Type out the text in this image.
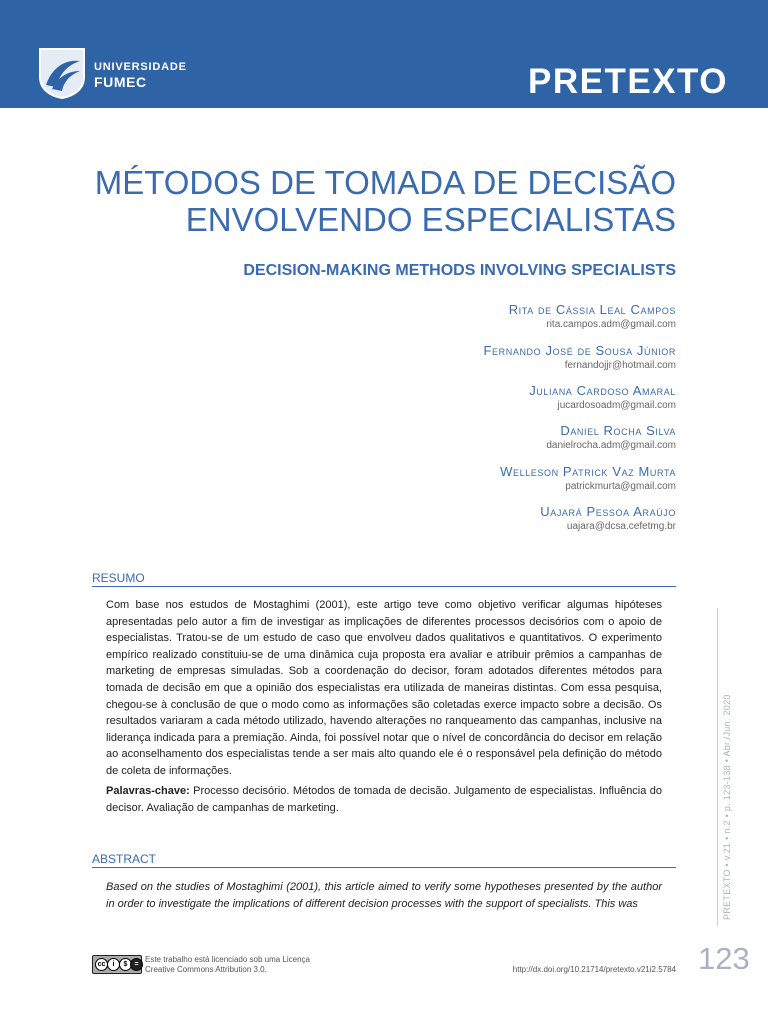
UNIVERSIDADE
FUMEC	PRETEXTO
MÉTODOS DE TOMADA DE DECISÃO ENVOLVENDO ESPECIALISTAS
DECISION-MAKING METHODS INVOLVING SPECIALISTS
Rita de Cássia Leal Campos
rita.campos.adm@gmail.com
Fernando José de Sousa Júnior
fernandojjr@hotmail.com
Juliana Cardoso Amaral
jucardosoadm@gmail.com
Daniel Rocha Silva
danielrocha.adm@gmail.com
Welleson Patrick Vaz Murta
patrickmurta@gmail.com
Uajará Pessoa Araújo
uajara@dcsa.cefetmg.br
RESUMO
Com base nos estudos de Mostaghimi (2001), este artigo teve como objetivo verificar algumas hipóteses apresentadas pelo autor a fim de investigar as implicações de diferentes processos decisórios com o apoio de especialistas. Tratou-se de um estudo de caso que envolveu dados qualitativos e quantitativos. O experimento empírico realizado constituiu-se de uma dinâmica cuja proposta era avaliar e atribuir prêmios a campanhas de marketing de empresas simuladas. Sob a coordenação do decisor, foram adotados diferentes métodos para tomada de decisão em que a opinião dos especialistas era utilizada de maneiras distintas. Com essa pesquisa, chegou-se à conclusão de que o modo como as informações são coletadas exerce impacto sobre a decisão. Os resultados variaram a cada método utilizado, havendo alterações no ranqueamento das campanhas, inclusive na liderança indicada para a premiação. Ainda, foi possível notar que o nível de concordância do decisor em relação ao aconselhamento dos especialistas tende a ser mais alto quando ele é o responsável pela definição do método de coleta de informações.
Palavras-chave: Processo decisório. Métodos de tomada de decisão. Julgamento de especialistas. Influência do decisor. Avaliação de campanhas de marketing.
ABSTRACT
Based on the studies of Mostaghimi (2001), this article aimed to verify some hypotheses presented by the author in order to investigate the implications of different decision processes with the support of specialists. This was	PRETEXTO • v.21 • n.2 • p. 123-138 • Abr./Jun. 2020
cc	i	$	=
Este trabalho está licenciado sob uma Licença
Creative Commons Attribution 3.0.	http://dx.doi.org/10.21714/pretexto.v21i2.5784 123
